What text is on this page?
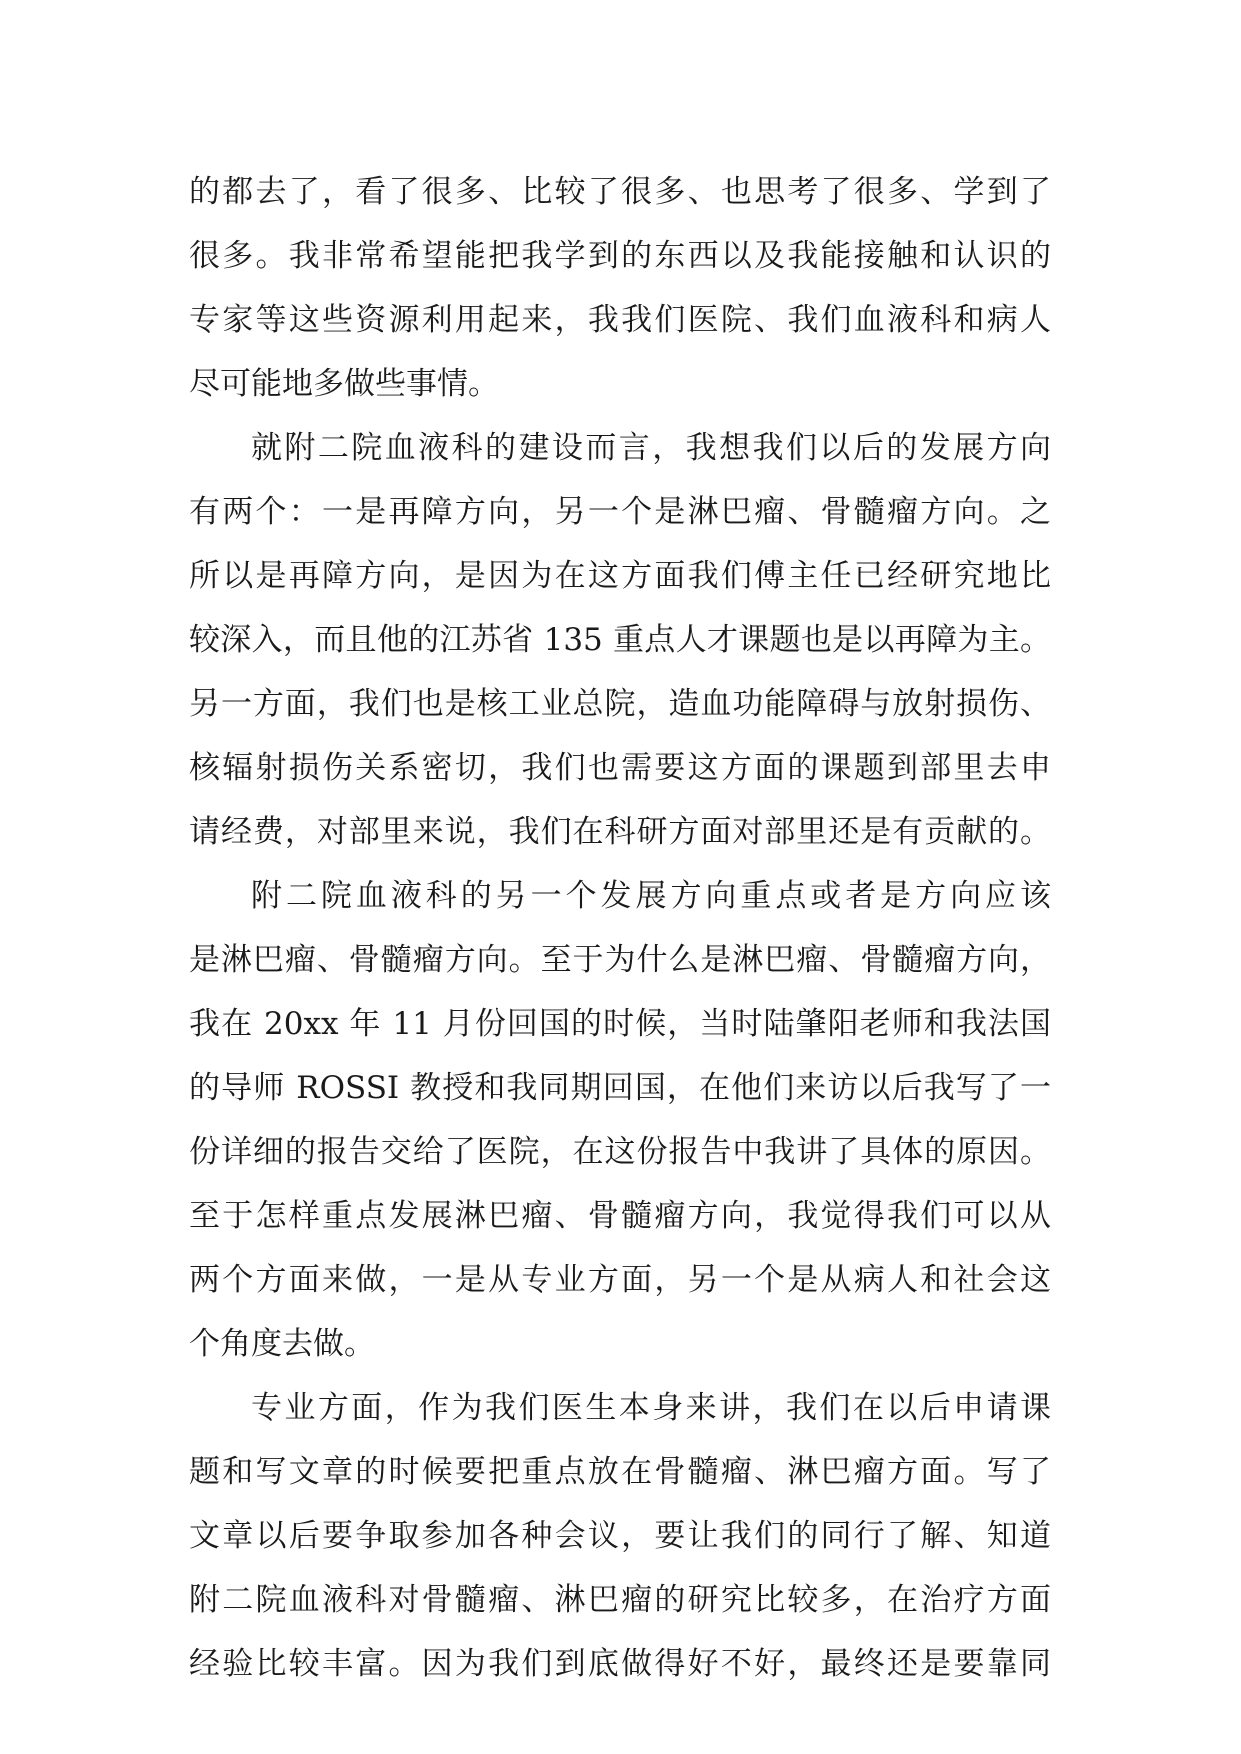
的都去了，看了很多、比较了很多、也思考了很多、学到了
很多。我非常希望能把我学到的东西以及我能接触和认识的
专家等这些资源利用起来，我我们医院、我们血液科和病人
尽可能地多做些事情。
就附二院血液科的建设而言，我想我们以后的发展方向
有两个：一是再障方向，另一个是淋巴瘤、骨髓瘤方向。之
所以是再障方向，是因为在这方面我们傅主任已经研究地比
较深入，而且他的江苏省 135 重点人才课题也是以再障为主。
另一方面，我们也是核工业总院，造血功能障碍与放射损伤、
核辐射损伤关系密切，我们也需要这方面的课题到部里去申
请经费，对部里来说，我们在科研方面对部里还是有贡献的。
附二院血液科的另一个发展方向重点或者是方向应该
是淋巴瘤、骨髓瘤方向。至于为什么是淋巴瘤、骨髓瘤方向，
我在 20xx 年 11 月份回国的时候，当时陆肇阳老师和我法国
的导师 ROSSI 教授和我同期回国，在他们来访以后我写了一
份详细的报告交给了医院，在这份报告中我讲了具体的原因。
至于怎样重点发展淋巴瘤、骨髓瘤方向，我觉得我们可以从
两个方面来做，一是从专业方面，另一个是从病人和社会这
个角度去做。
专业方面，作为我们医生本身来讲，我们在以后申请课
题和写文章的时候要把重点放在骨髓瘤、淋巴瘤方面。写了
文章以后要争取参加各种会议，要让我们的同行了解、知道
附二院血液科对骨髓瘤、淋巴瘤的研究比较多，在治疗方面
经验比较丰富。因为我们到底做得好不好，最终还是要靠同
